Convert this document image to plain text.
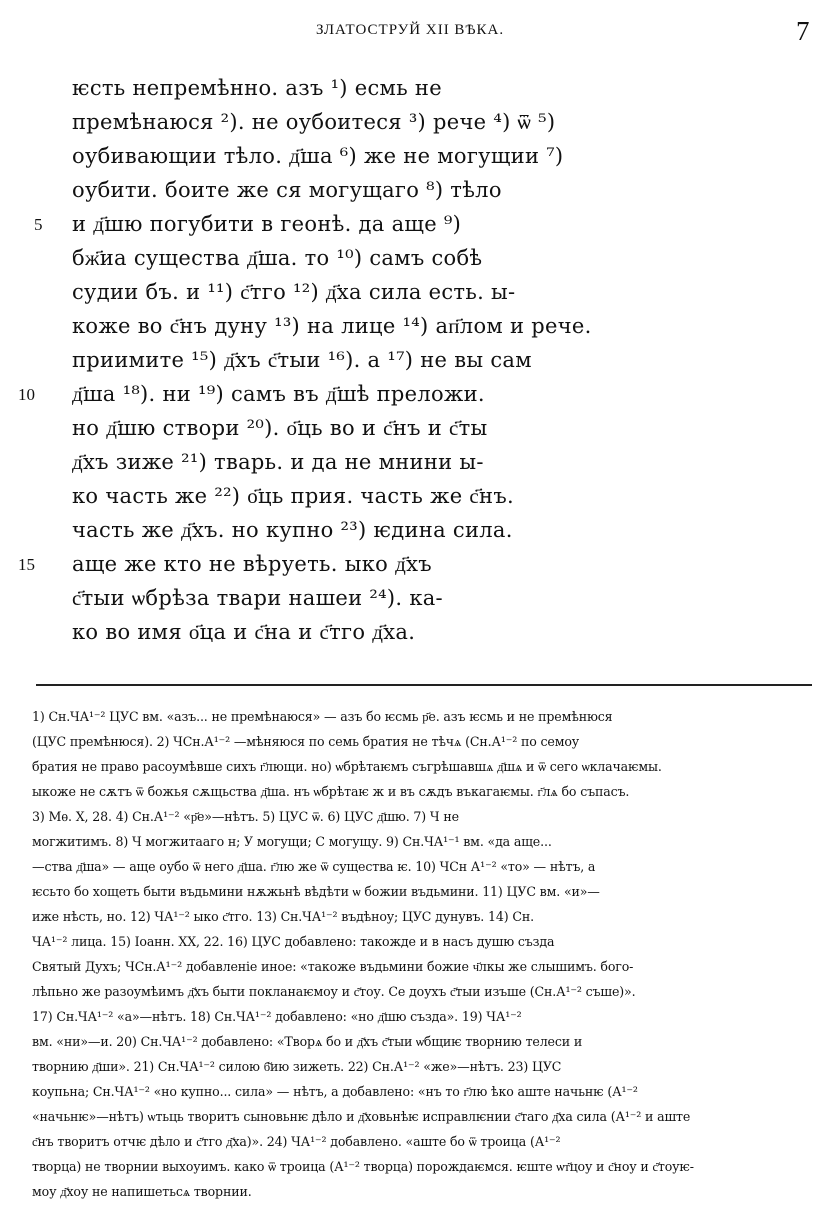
ЗЛАТОСТРУЙ XII ВѢКА.	7
ѥсть непремѣнно. азъ ¹) есмь не
премѣнаюся ²). не оубоитеся ³) рече ⁴) ѿ ⁵)
оубивающии тѣло. д҃ша ⁶) же не могущии ⁷)
оубити. боите же ся могущаго ⁸) тѣло
5 и д҃шю погубити в геонѣ. да аще ⁹)
бж҃иа существа д҃ша. то ¹⁰) самъ собѣ
судии бъ. и ¹¹) с҃тго ¹²) д҃ха сила есть. ы-
коже во с҃нъ дуну ¹³) на лице ¹⁴) ап҃лом и рече.
приимите ¹⁵) д҃хъ с҃тыи ¹⁶). а ¹⁷) не вы сам
10 д҃ша ¹⁸). ни ¹⁹) самъ въ д҃шѣ преложи.
но д҃шю створи ²⁰). о҃ць во и с҃нъ и с҃ты
д҃хъ зиже ²¹) тварь. и да не мнини ы-
ко часть же ²²) о҃ць прия. часть же с҃нъ.
часть же д҃хъ. но купно ²³) ѥдина сила.
15 аще же кто не вѣруеть. ыко д҃хъ
с҃тыи ѡбрѣза твари нашеи ²⁴). ка-
ко во имя о҃ца и с҃на и с҃тго д҃ха.
1) Сн.ЧА¹⁻² ЦУС вм. «азъ... не премѣнаюся» — азъ бо ѥсмь р҃е. азъ ѥсмь и не премѣнюся
(ЦУС премѣнюся). 2) ЧСн.А¹⁻² —мѣняюся по семь братия не тѣчѧ (Сн.А¹⁻² по семоу
братия не право расоумѣвше сихъ г҃лющи. но) ѡбрѣтаѥмъ съгрѣшавшѧ д҃шѧ и ѿ сего ѡклачаѥмы.
ыкоже не сѫтъ ѿ божья сѫщьства д҃ша. нъ ѡбрѣтаѥ ж и въ сѫдъ въкагаѥмы. г҃лѧ бо съпасъ.
3) Мѳ. X, 28. 4) Сн.А¹⁻² «р҃е»—нѣтъ. 5) ЦУС ѿ. 6) ЦУС д҃шю. 7) Ч не
могжитимъ. 8) Ч могжитааго н; У могущи; С могущу. 9) Сн.ЧА¹⁻¹ вм. «да аще...
—ства д҃ша» — аще оубо ѿ него д҃ша. г҃лю же ѿ существа ѥ. 10) ЧСн А¹⁻² «то» — нѣтъ, а
ѥсьто бо хощеть быти въдьмини нѫжьнѣ вѣдѣти ѡ божии въдьмини. 11) ЦУС вм. «и»—
иже нѣсть, но. 12) ЧА¹⁻² ыко с҃тго. 13) Сн.ЧА¹⁻² въдѣноу; ЦУС дунувъ. 14) Сн.
ЧА¹⁻² лица. 15) Іоанн. XX, 22. 16) ЦУС добавлено: такожде и в насъ душю създа
Святый Духъ; ЧСн.А¹⁻² добавленіе иное: «такоже въдьмини божие ч҃лкы же слышимъ. бого-
лѣпьно же разоумѣимъ д҃хъ быти покланаѥмоу и с҃тоу. Се доухъ с҃тыи изъше (Сн.А¹⁻² съше)».
17) Сн.ЧА¹⁻² «а»—нѣтъ. 18) Сн.ЧА¹⁻² добавлено: «но д҃шю създа». 19) ЧА¹⁻²
вм. «ни»—и. 20) Сн.ЧА¹⁻² добавлено: «Творѧ бо и д҃хъ с҃тыи ѡбщиѥ творнию телеси и
творнию д҃ши». 21) Сн.ЧА¹⁻² силою б҃ию зижеть. 22) Сн.А¹⁻² «же»—нѣтъ. 23) ЦУС
коупьна; Сн.ЧА¹⁻² «но купно... сила» — нѣтъ, а добавлено: «нъ то г҃лю ѣко аште начьнѥ (А¹⁻²
«начьнѥ»—нѣтъ) ѡтьць творитъ сыновьнѥ дѣло и д҃ховьнѣѥ исправлѥнии с҃таго д҃ха сила (А¹⁻² и аште
с҃нъ творитъ отчѥ дѣло и с҃тго д҃ха)». 24) ЧА¹⁻² добавлено. «аште бо ѿ троица (А¹⁻²
творца) не творнии выхоуимъ. како ѿ троица (А¹⁻² творца) порождаѥмся. ѥште ѡт҃цоу и с҃ноу и с҃тоуѥ-
моу д҃хоу не напишетьсѧ творнии.
